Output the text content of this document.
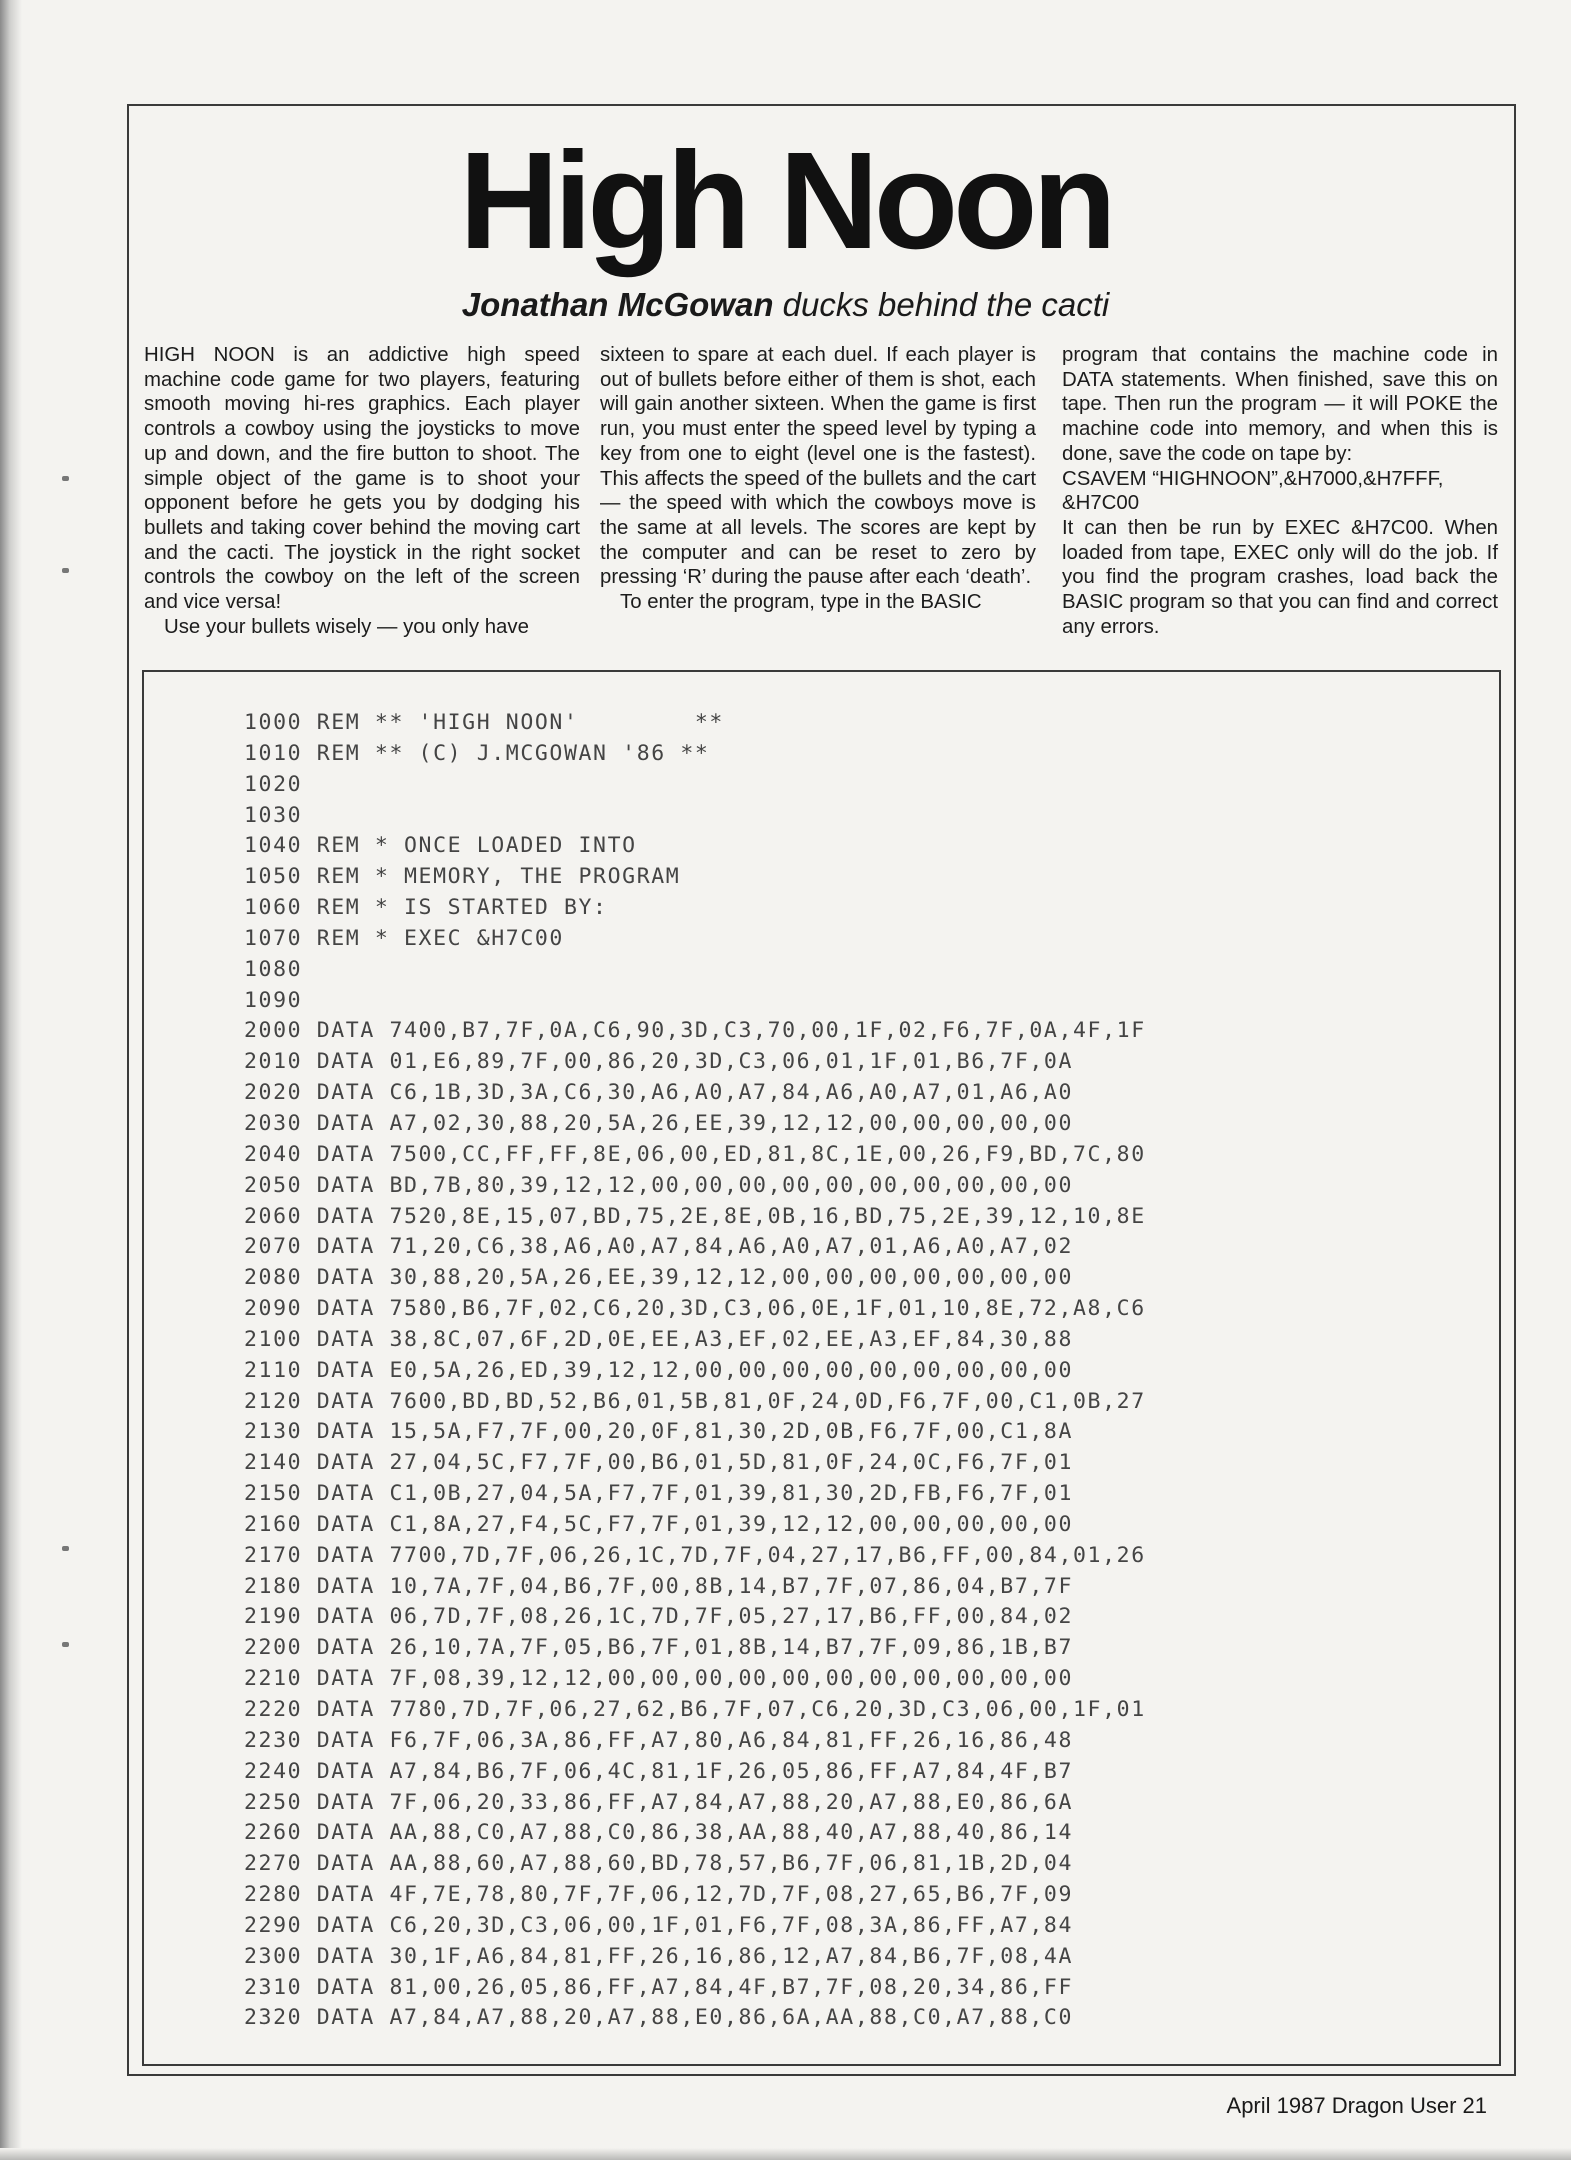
High Noon
Jonathan McGowan ducks behind the cacti

HIGH NOON is an addictive high speed machine code game for two players, featuring smooth moving hi-res graphics. Each player controls a cowboy using the joysticks to move up and down, and the fire button to shoot. The simple object of the game is to shoot your opponent before he gets you by dodging his bullets and taking cover behind the moving cart and the cacti. The joystick in the right socket controls the cowboy on the left of the screen and vice versa!

Use your bullets wisely — you only have

sixteen to spare at each duel. If each player is out of bullets before either of them is shot, each will gain another sixteen. When the game is first run, you must enter the speed level by typing a key from one to eight (level one is the fastest). This affects the speed of the bullets and the cart — the speed with which the cowboys move is the same at all levels. The scores are kept by the computer and can be reset to zero by pressing ‘R’ during the pause after each ‘death’.

To enter the program, type in the BASIC

program that contains the machine code in DATA statements. When finished, save this on tape. Then run the program — it will POKE the machine code into memory, and when this is done, save the code on tape by:

CSAVEM “HIGHNOON”,&H7000,&H7FFF,
&H7C00

It can then be run by EXEC &H7C00. When loaded from tape, EXEC only will do the job. If you find the program crashes, load back the BASIC program so that you can find and correct any errors.

1000 REM ** 'HIGH NOON'        **
1010 REM ** (C) J.MCGOWAN '86 **
1020
1030
1040 REM * ONCE LOADED INTO
1050 REM * MEMORY, THE PROGRAM
1060 REM * IS STARTED BY:
1070 REM * EXEC &H7C00
1080
1090
2000 DATA 7400,B7,7F,0A,C6,90,3D,C3,70,00,1F,02,F6,7F,0A,4F,1F
2010 DATA 01,E6,89,7F,00,86,20,3D,C3,06,01,1F,01,B6,7F,0A
2020 DATA C6,1B,3D,3A,C6,30,A6,A0,A7,84,A6,A0,A7,01,A6,A0
2030 DATA A7,02,30,88,20,5A,26,EE,39,12,12,00,00,00,00,00
2040 DATA 7500,CC,FF,FF,8E,06,00,ED,81,8C,1E,00,26,F9,BD,7C,80
2050 DATA BD,7B,80,39,12,12,00,00,00,00,00,00,00,00,00,00
2060 DATA 7520,8E,15,07,BD,75,2E,8E,0B,16,BD,75,2E,39,12,10,8E
2070 DATA 71,20,C6,38,A6,A0,A7,84,A6,A0,A7,01,A6,A0,A7,02
2080 DATA 30,88,20,5A,26,EE,39,12,12,00,00,00,00,00,00,00
2090 DATA 7580,B6,7F,02,C6,20,3D,C3,06,0E,1F,01,10,8E,72,A8,C6
2100 DATA 38,8C,07,6F,2D,0E,EE,A3,EF,02,EE,A3,EF,84,30,88
2110 DATA E0,5A,26,ED,39,12,12,00,00,00,00,00,00,00,00,00
2120 DATA 7600,BD,BD,52,B6,01,5B,81,0F,24,0D,F6,7F,00,C1,0B,27
2130 DATA 15,5A,F7,7F,00,20,0F,81,30,2D,0B,F6,7F,00,C1,8A
2140 DATA 27,04,5C,F7,7F,00,B6,01,5D,81,0F,24,0C,F6,7F,01
2150 DATA C1,0B,27,04,5A,F7,7F,01,39,81,30,2D,FB,F6,7F,01
2160 DATA C1,8A,27,F4,5C,F7,7F,01,39,12,12,00,00,00,00,00
2170 DATA 7700,7D,7F,06,26,1C,7D,7F,04,27,17,B6,FF,00,84,01,26
2180 DATA 10,7A,7F,04,B6,7F,00,8B,14,B7,7F,07,86,04,B7,7F
2190 DATA 06,7D,7F,08,26,1C,7D,7F,05,27,17,B6,FF,00,84,02
2200 DATA 26,10,7A,7F,05,B6,7F,01,8B,14,B7,7F,09,86,1B,B7
2210 DATA 7F,08,39,12,12,00,00,00,00,00,00,00,00,00,00,00
2220 DATA 7780,7D,7F,06,27,62,B6,7F,07,C6,20,3D,C3,06,00,1F,01
2230 DATA F6,7F,06,3A,86,FF,A7,80,A6,84,81,FF,26,16,86,48
2240 DATA A7,84,B6,7F,06,4C,81,1F,26,05,86,FF,A7,84,4F,B7
2250 DATA 7F,06,20,33,86,FF,A7,84,A7,88,20,A7,88,E0,86,6A
2260 DATA AA,88,C0,A7,88,C0,86,38,AA,88,40,A7,88,40,86,14
2270 DATA AA,88,60,A7,88,60,BD,78,57,B6,7F,06,81,1B,2D,04
2280 DATA 4F,7E,78,80,7F,7F,06,12,7D,7F,08,27,65,B6,7F,09
2290 DATA C6,20,3D,C3,06,00,1F,01,F6,7F,08,3A,86,FF,A7,84
2300 DATA 30,1F,A6,84,81,FF,26,16,86,12,A7,84,B6,7F,08,4A
2310 DATA 81,00,26,05,86,FF,A7,84,4F,B7,7F,08,20,34,86,FF
2320 DATA A7,84,A7,88,20,A7,88,E0,86,6A,AA,88,C0,A7,88,C0
April 1987 Dragon User 21
